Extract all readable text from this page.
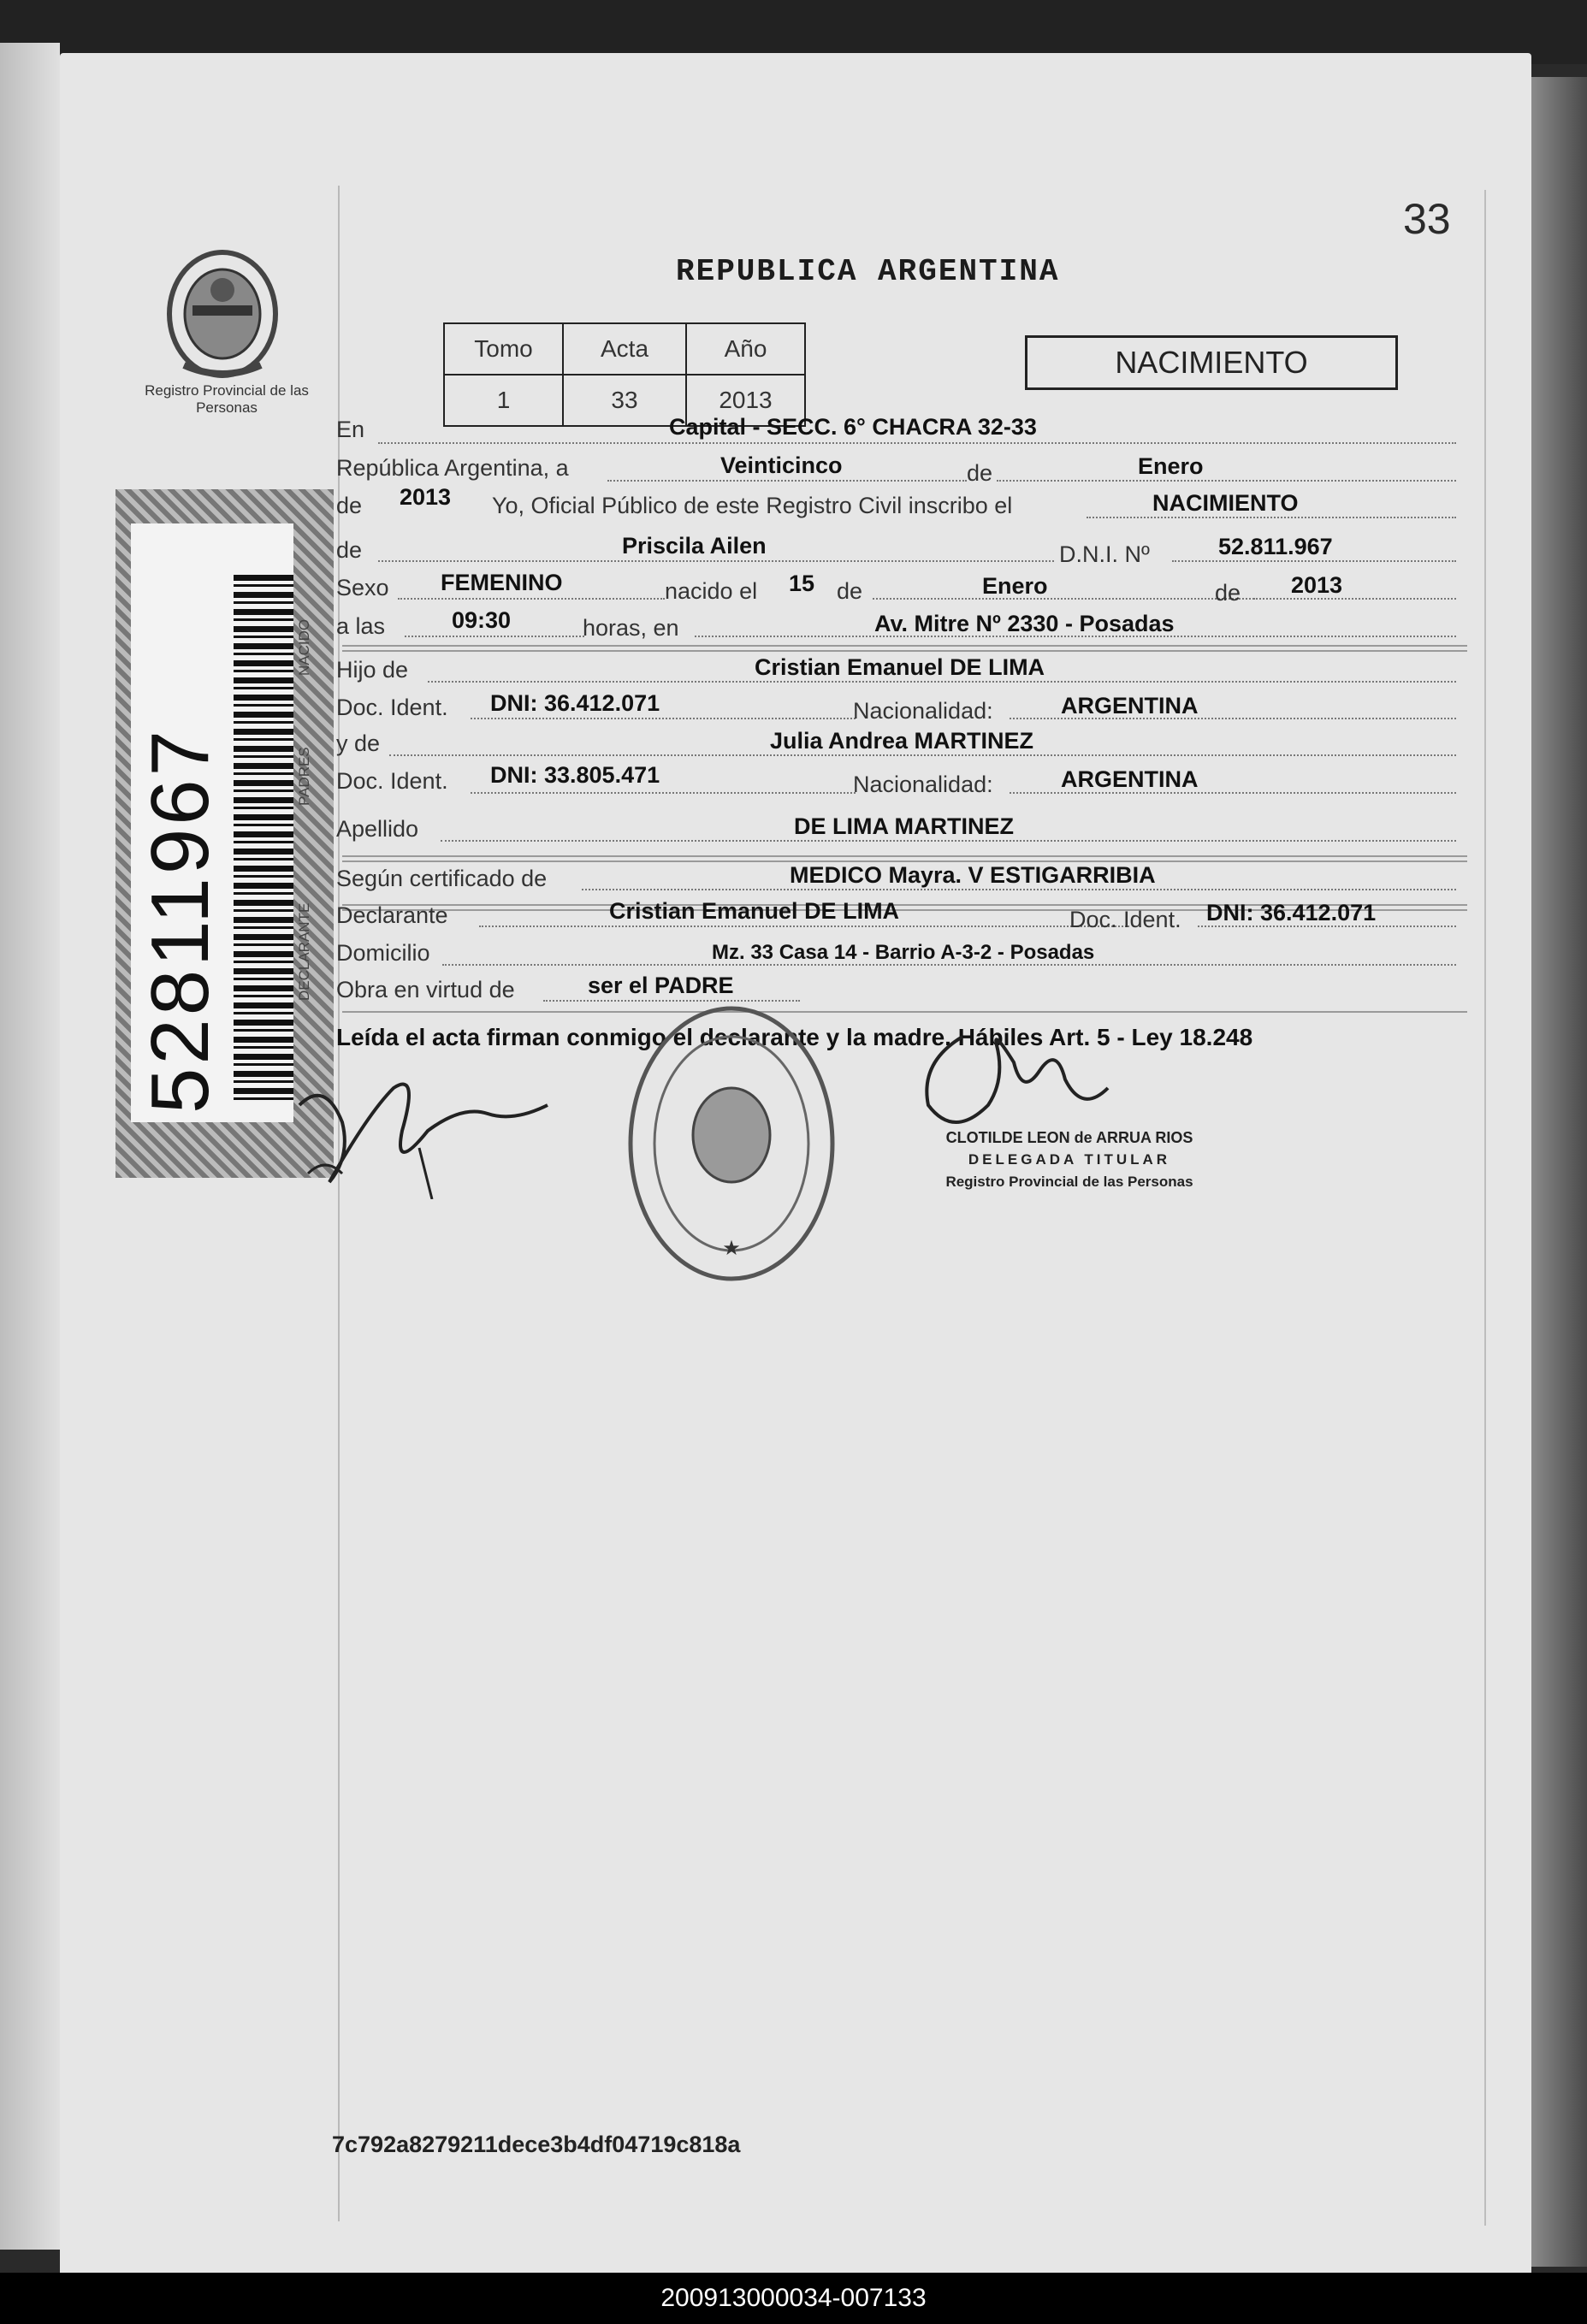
33
Registro Provincial de las Personas
52811967
REPUBLICA ARGENTINA
Tomo	Acta	Año
1	33	2013
NACIMIENTO
NACIDO
PADRES
DECLARANTE
En	Capital - SECC. 6° CHACRA 32-33
República Argentina, a	Veinticinco	de	Enero
de 2013 Yo, Oficial Público de este Registro Civil inscribo el	NACIMIENTO
de	Priscila Ailen	D.N.I. Nº	52.811.967
Sexo FEMENINO	nacido el 15 de	Enero	de 2013
a las	09:30	horas, en	Av. Mitre Nº 2330 - Posadas
Hijo de	Cristian Emanuel DE LIMA
Doc. Ident. DNI: 36.412.071	Nacionalidad:	ARGENTINA
y de	Julia Andrea MARTINEZ
Doc. Ident. DNI: 33.805.471	Nacionalidad:	ARGENTINA
Apellido	DE LIMA MARTINEZ
Según certificado de	MEDICO Mayra. V ESTIGARRIBIA
Declarante	Cristian Emanuel DE LIMA	Doc. Ident. DNI: 36.412.071
Domicilio	Mz. 33 Casa 14 - Barrio A-3-2 - Posadas
Obra en virtud de	ser el PADRE
Leída el acta firman conmigo el declarante y la madre. Hábiles Art. 5 - Ley 18.248
★
CLOTILDE LEON de ARRUA RIOS
DELEGADA TITULAR
Registro Provincial de las Personas
7c792a8279211dece3b4df04719c818a
200913000034-007133
